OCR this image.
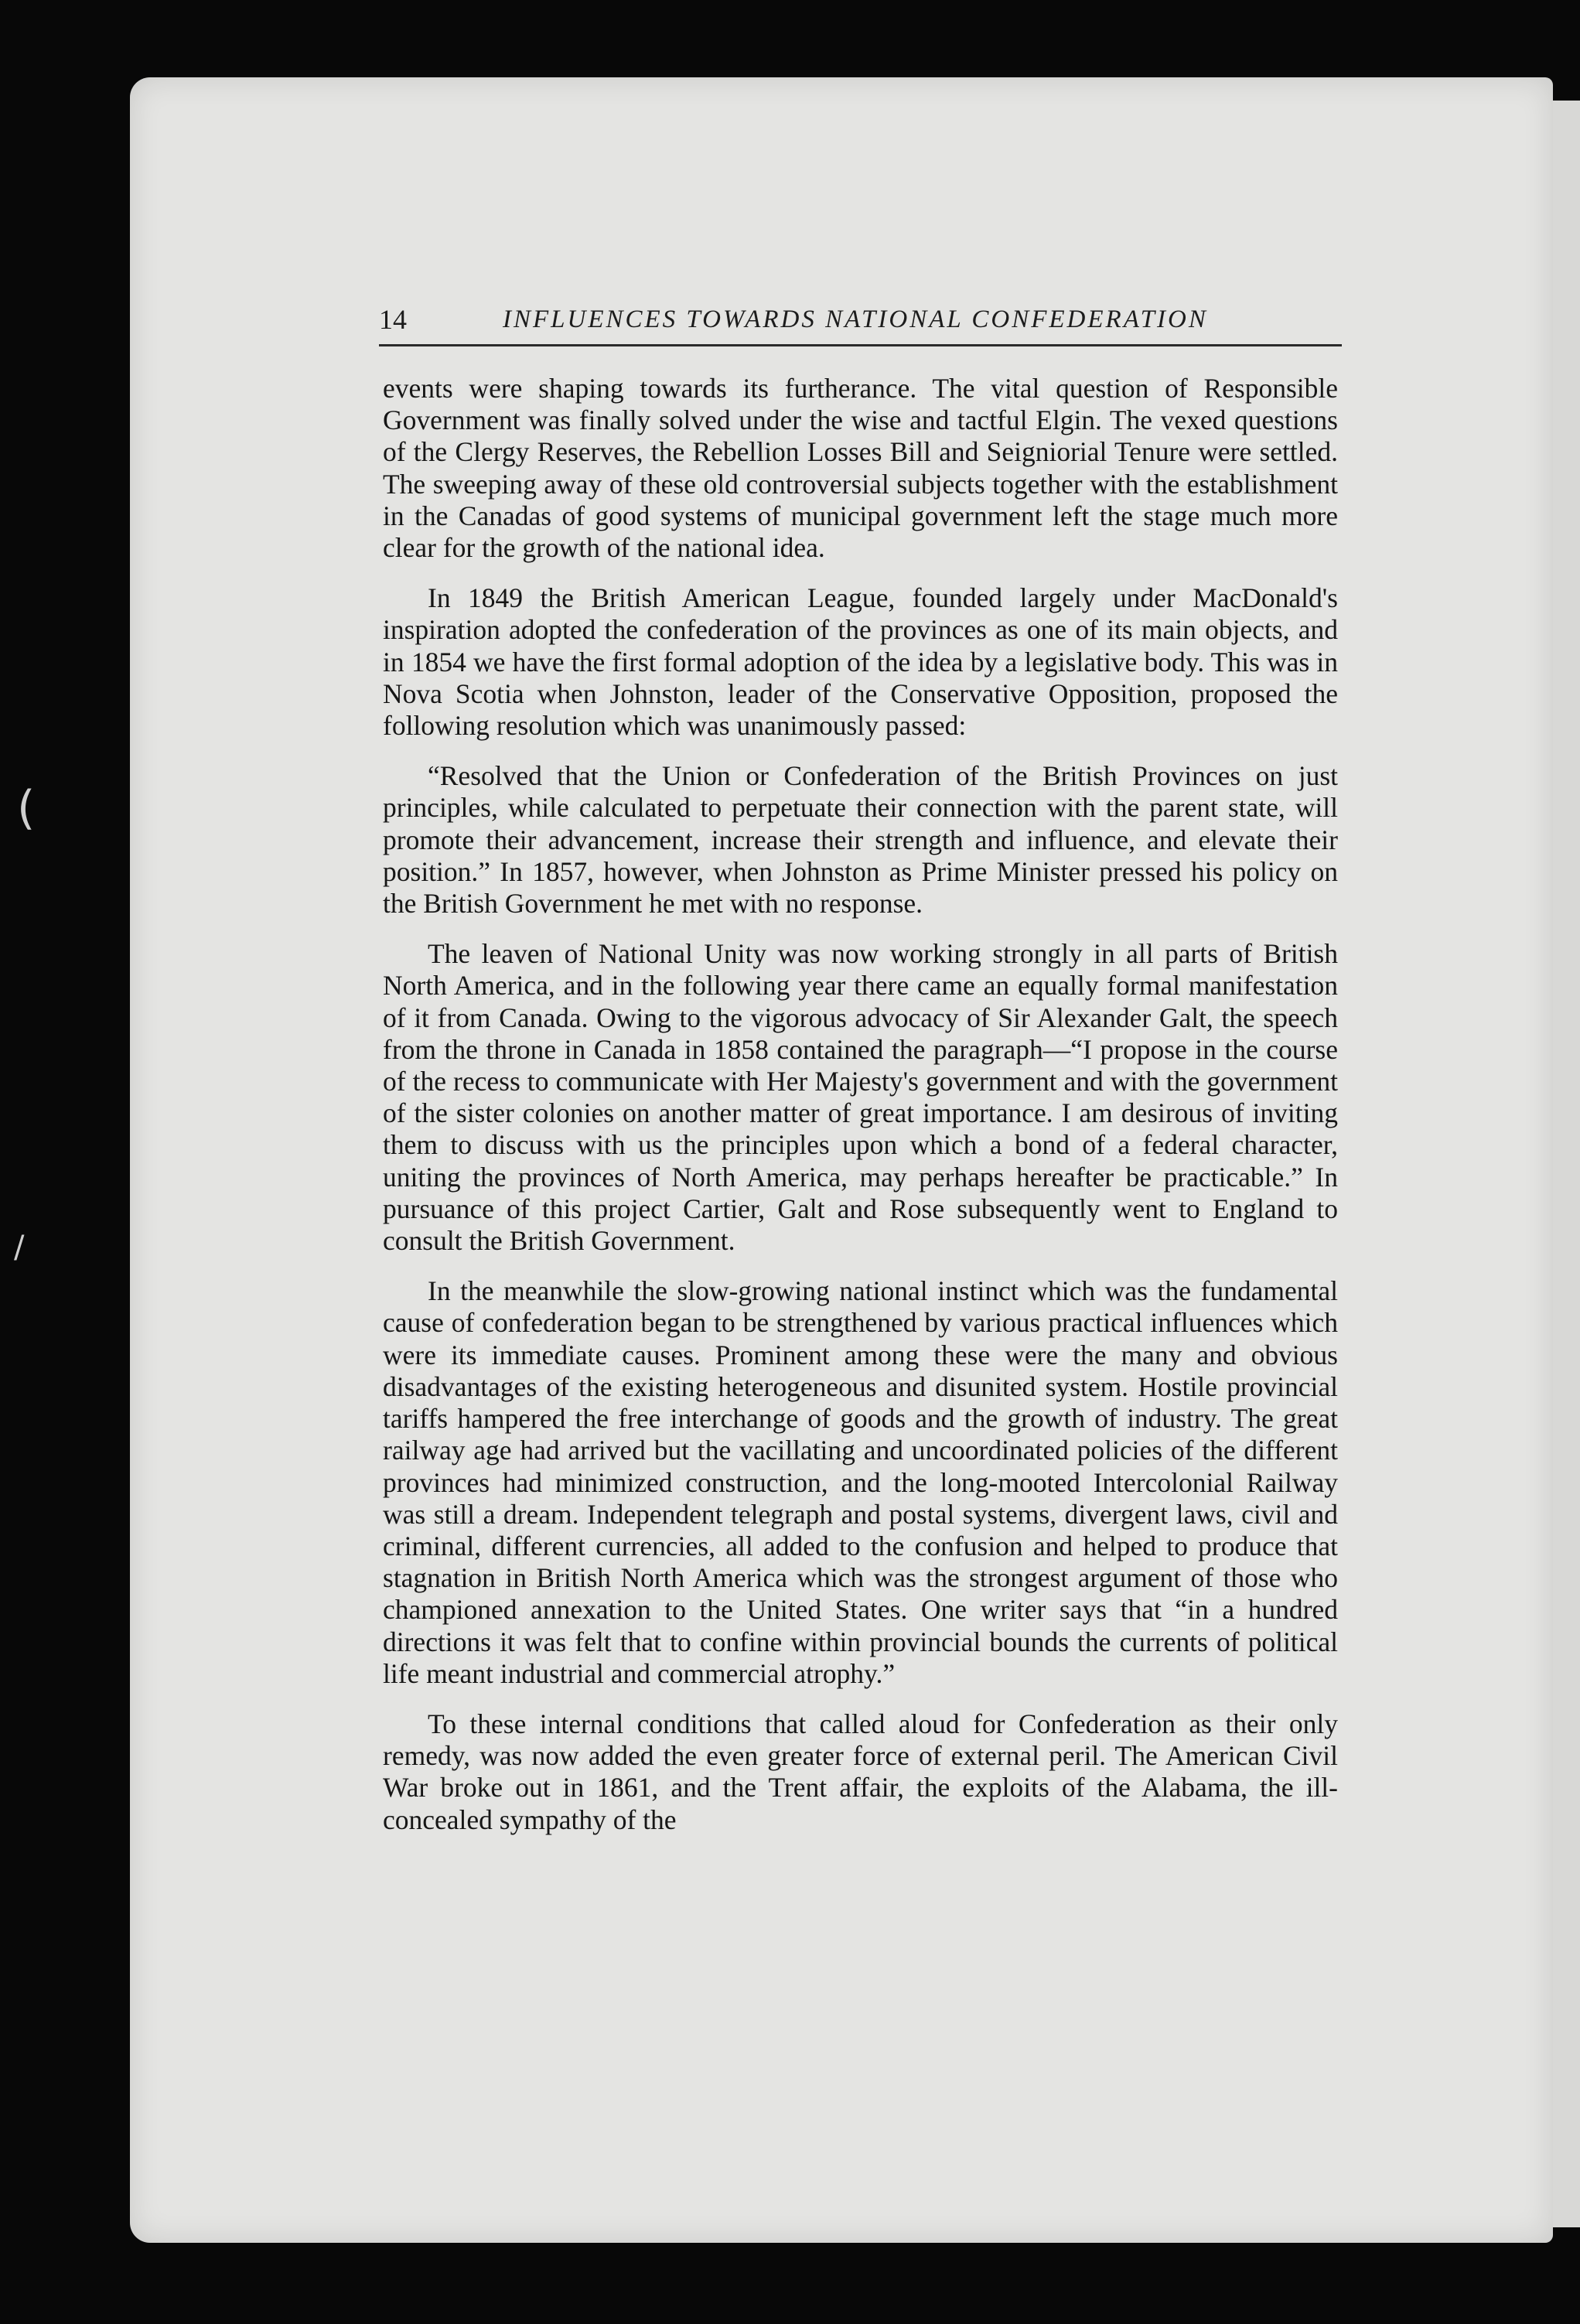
(
/
14	INFLUENCES TOWARDS NATIONAL CONFEDERATION

events were shaping towards its furtherance. The vital question of Responsible Government was finally solved under the wise and tactful Elgin. The vexed questions of the Clergy Reserves, the Rebellion Losses Bill and Seigniorial Tenure were settled. The sweeping away of these old controversial subjects together with the establishment in the Canadas of good systems of municipal government left the stage much more clear for the growth of the national idea.

In 1849 the British American League, founded largely under MacDonald's inspiration adopted the confederation of the provinces as one of its main objects, and in 1854 we have the first formal adoption of the idea by a legislative body. This was in Nova Scotia when Johnston, leader of the Conservative Opposition, proposed the following resolution which was unanimously passed:

“Resolved that the Union or Confederation of the British Provinces on just principles, while calculated to perpetuate their connection with the parent state, will promote their advancement, increase their strength and influence, and elevate their position.” In 1857, however, when Johnston as Prime Minister pressed his policy on the British Government he met with no response.

The leaven of National Unity was now working strongly in all parts of British North America, and in the following year there came an equally formal manifestation of it from Canada. Owing to the vigorous advocacy of Sir Alexander Galt, the speech from the throne in Canada in 1858 contained the paragraph—“I propose in the course of the recess to communicate with Her Majesty's government and with the government of the sister colonies on another matter of great importance. I am desirous of inviting them to discuss with us the principles upon which a bond of a federal character, uniting the provinces of North America, may perhaps hereafter be practicable.” In pursuance of this project Cartier, Galt and Rose subsequently went to England to consult the British Government.

In the meanwhile the slow-growing national instinct which was the fundamental cause of confederation began to be strengthened by various practical influences which were its immediate causes. Prominent among these were the many and obvious disadvantages of the existing heterogeneous and disunited system. Hostile provincial tariffs hampered the free interchange of goods and the growth of industry. The great railway age had arrived but the vacillating and uncoordinated policies of the different provinces had minimized construction, and the long-mooted Intercolonial Railway was still a dream. Independent telegraph and postal systems, divergent laws, civil and criminal, different currencies, all added to the confusion and helped to produce that stagnation in British North America which was the strongest argument of those who championed annexation to the United States. One writer says that “in a hundred directions it was felt that to confine within provincial bounds the currents of political life meant industrial and commercial atrophy.”

To these internal conditions that called aloud for Confederation as their only remedy, was now added the even greater force of external peril. The American Civil War broke out in 1861, and the Trent affair, the exploits of the Alabama, the ill-concealed sympathy of the
